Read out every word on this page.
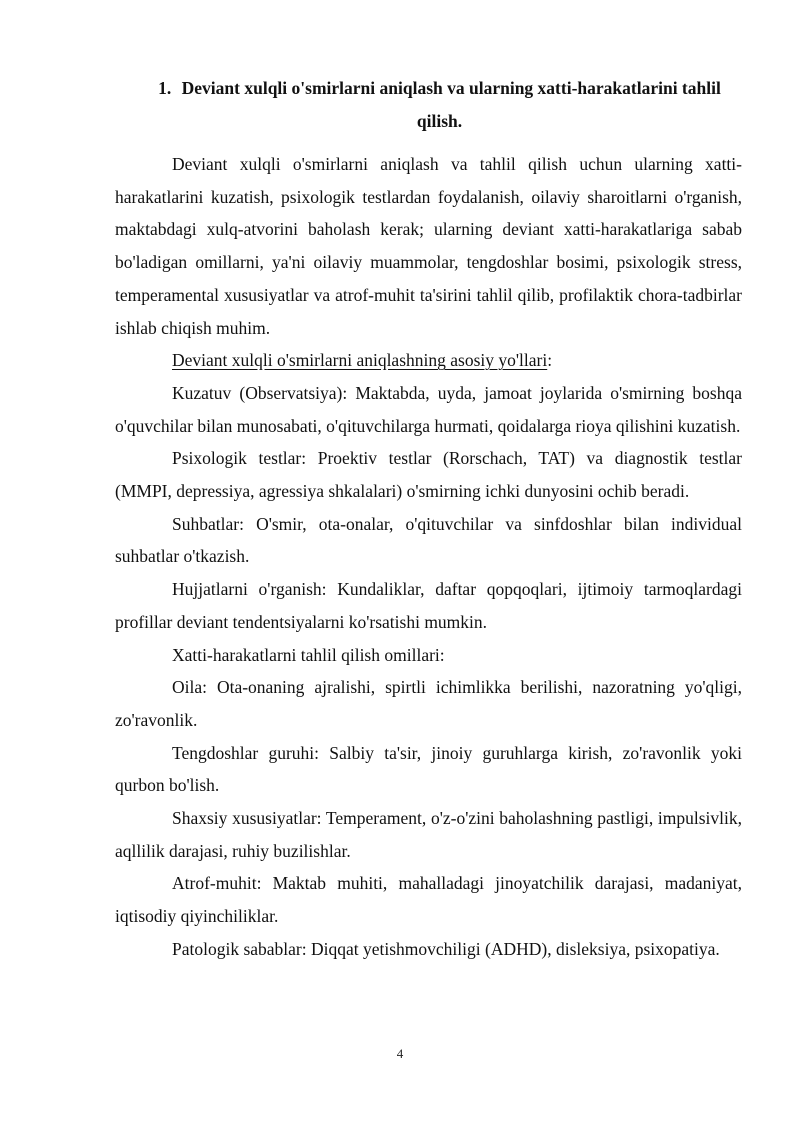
1. Deviant xulqli o'smirlarni aniqlash va ularning xatti-harakatlarini tahlil qilish.

Deviant xulqli o'smirlarni aniqlash va tahlil qilish uchun ularning xatti-harakatlarini kuzatish, psixologik testlardan foydalanish, oilaviy sharoitlarni o'rganish, maktabdagi xulq-atvorini baholash kerak; ularning deviant xatti-harakatlariga sabab bo'ladigan omillarni, ya'ni oilaviy muammolar, tengdoshlar bosimi, psixologik stress, temperamental xususiyatlar va atrof-muhit ta'sirini tahlil qilib, profilaktik chora-tadbirlar ishlab chiqish muhim.

Deviant xulqli o'smirlarni aniqlashning asosiy yo'llari:

Kuzatuv (Observatsiya): Maktabda, uyda, jamoat joylarida o'smirning boshqa o'quvchilar bilan munosabati, o'qituvchilarga hurmati, qoidalarga rioya qilishini kuzatish.

Psixologik testlar: Proektiv testlar (Rorschach, TAT) va diagnostik testlar (MMPI, depressiya, agressiya shkalalari) o'smirning ichki dunyosini ochib beradi.

Suhbatlar: O'smir, ota-onalar, o'qituvchilar va sinfdoshlar bilan individual suhbatlar o'tkazish.

Hujjatlarni o'rganish: Kundaliklar, daftar qopqoqlari, ijtimoiy tarmoqlardagi profillar deviant tendentsiyalarni ko'rsatishi mumkin.

Xatti-harakatlarni tahlil qilish omillari:

Oila: Ota-onaning ajralishi, spirtli ichimlikka berilishi, nazoratning yo'qligi, zo'ravonlik.

Tengdoshlar guruhi: Salbiy ta'sir, jinoiy guruhlarga kirish, zo'ravonlik yoki qurbon bo'lish.

Shaxsiy xususiyatlar: Temperament, o'z-o'zini baholashning pastligi, impulsivlik, aqllilik darajasi, ruhiy buzilishlar.

Atrof-muhit: Maktab muhiti, mahalladagi jinoyatchilik darajasi, madaniyat, iqtisodiy qiyinchiliklar.

Patologik sabablar: Diqqat yetishmovchiligi (ADHD), disleksiya, psixopatiya.

4
